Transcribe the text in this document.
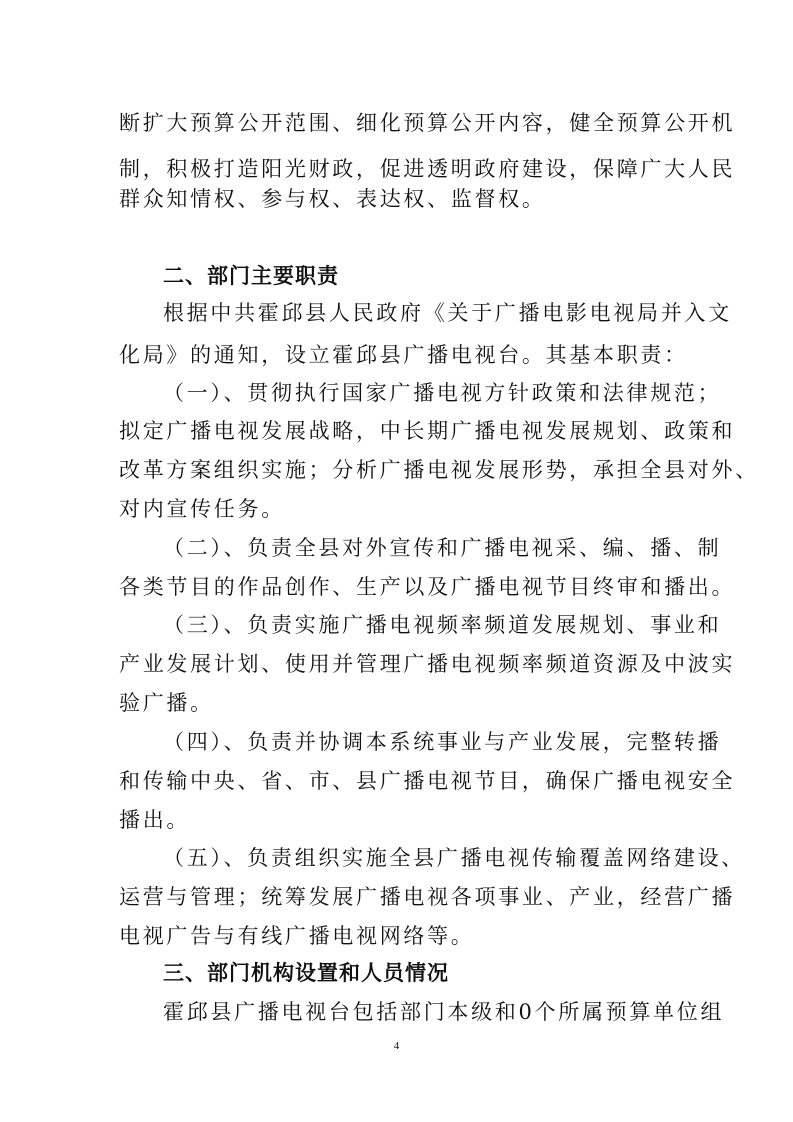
断扩大预算公开范围、细化预算公开内容，健全预算公开机
制，积极打造阳光财政，促进透明政府建设，保障广大人民
群众知情权、参与权、表达权、监督权。
二、部门主要职责
根据中共霍邱县人民政府《关于广播电影电视局并入文
化局》的通知，设立霍邱县广播电视台。其基本职责：
（一）、贯彻执行国家广播电视方针政策和法律规范；
拟定广播电视发展战略，中长期广播电视发展规划、政策和
改革方案组织实施；分析广播电视发展形势，承担全县对外、
对内宣传任务。
（二）、负责全县对外宣传和广播电视采、编、播、制
各类节目的作品创作、生产以及广播电视节目终审和播出。
（三）、负责实施广播电视频率频道发展规划、事业和
产业发展计划、使用并管理广播电视频率频道资源及中波实
验广播。
（四）、负责并协调本系统事业与产业发展，完整转播
和传输中央、省、市、县广播电视节目，确保广播电视安全
播出。
（五）、负责组织实施全县广播电视传输覆盖网络建设、
运营与管理；统筹发展广播电视各项事业、产业，经营广播
电视广告与有线广播电视网络等。
三、部门机构设置和人员情况
霍邱县广播电视台包括部门本级和0个所属预算单位组
4
